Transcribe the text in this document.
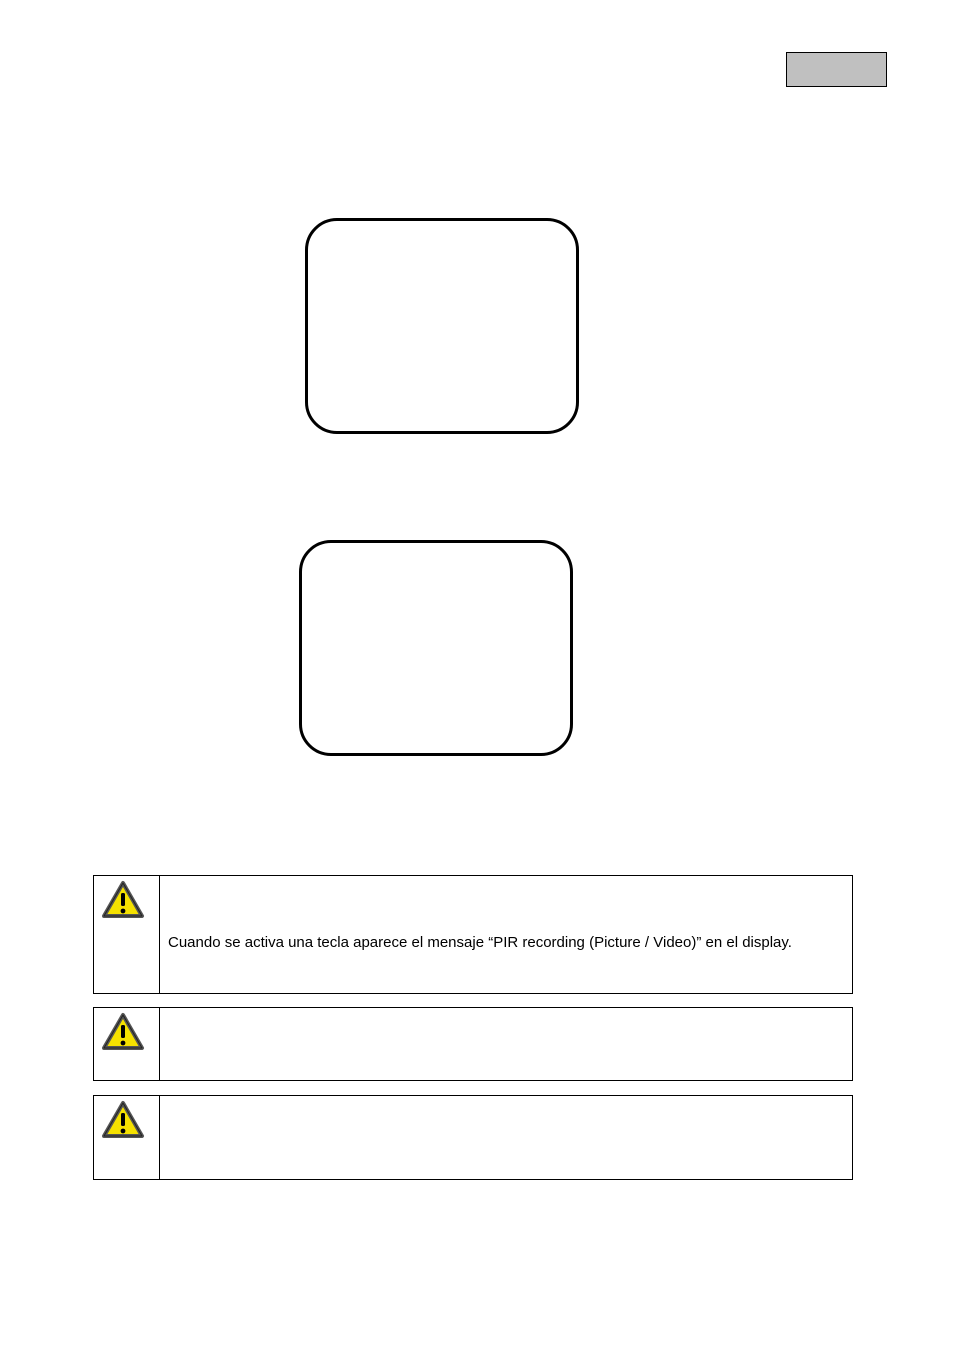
Cuando se activa una tecla aparece el mensaje “PIR recording (Picture / Video)” en el display.
